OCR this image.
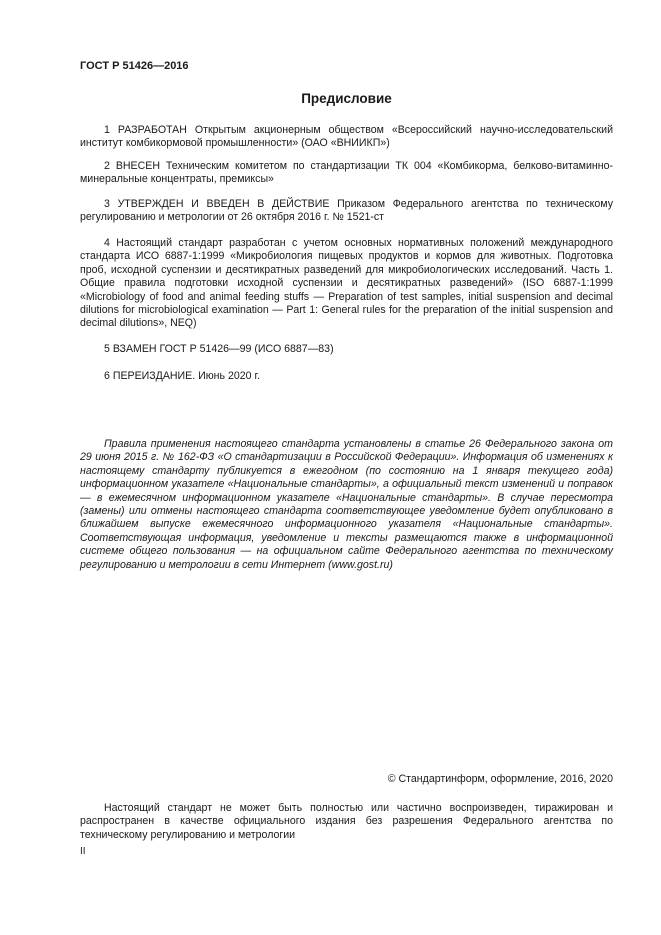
ГОСТ Р 51426—2016
Предисловие

1 РАЗРАБОТАН Открытым акционерным обществом «Всероссийский научно-исследовательский институт комбикормовой промышленности» (ОАО «ВНИИКП»)

2 ВНЕСЕН Техническим комитетом по стандартизации ТК 004 «Комбикорма, белково-витаминно-минеральные концентраты, премиксы»

3 УТВЕРЖДЕН И ВВЕДЕН В ДЕЙСТВИЕ Приказом Федерального агентства по техническому регулированию и метрологии от 26 октября 2016 г. № 1521-ст

4 Настоящий стандарт разработан с учетом основных нормативных положений международного стандарта ИСО 6887-1:1999 «Микробиология пищевых продуктов и кормов для животных. Подготовка проб, исходной суспензии и десятикратных разведений для микробиологических исследований. Часть 1. Общие правила подготовки исходной суспензии и десятикратных разведений» (ISO 6887-1:1999 «Microbiology of food and animal feeding stuffs — Preparation of test samples, initial suspension and decimal dilutions for microbiological examination — Part 1: General rules for the preparation of the initial suspension and decimal dilutions», NEQ)

5 ВЗАМЕН ГОСТ Р 51426—99 (ИСО 6887—83)

6 ПЕРЕИЗДАНИЕ. Июнь 2020 г.

Правила применения настоящего стандарта установлены в статье 26 Федерального закона от 29 июня 2015 г. № 162-ФЗ «О стандартизации в Российской Федерации». Информация об изменениях к настоящему стандарту публикуется в ежегодном (по состоянию на 1 января текущего года) информационном указателе «Национальные стандарты», а официальный текст изменений и поправок — в ежемесячном информационном указателе «Национальные стандарты». В случае пересмотра (замены) или отмены настоящего стандарта соответствующее уведомление будет опубликовано в ближайшем выпуске ежемесячного информационного указателя «Национальные стандарты». Соответствующая информация, уведомление и тексты размещаются также в информационной системе общего пользования — на официальном сайте Федерального агентства по техническому регулированию и метрологии в сети Интернет (www.gost.ru)

© Стандартинформ, оформление, 2016, 2020

Настоящий стандарт не может быть полностью или частично воспроизведен, тиражирован и распространен в качестве официального издания без разрешения Федерального агентства по техническому регулированию и метрологии

II
